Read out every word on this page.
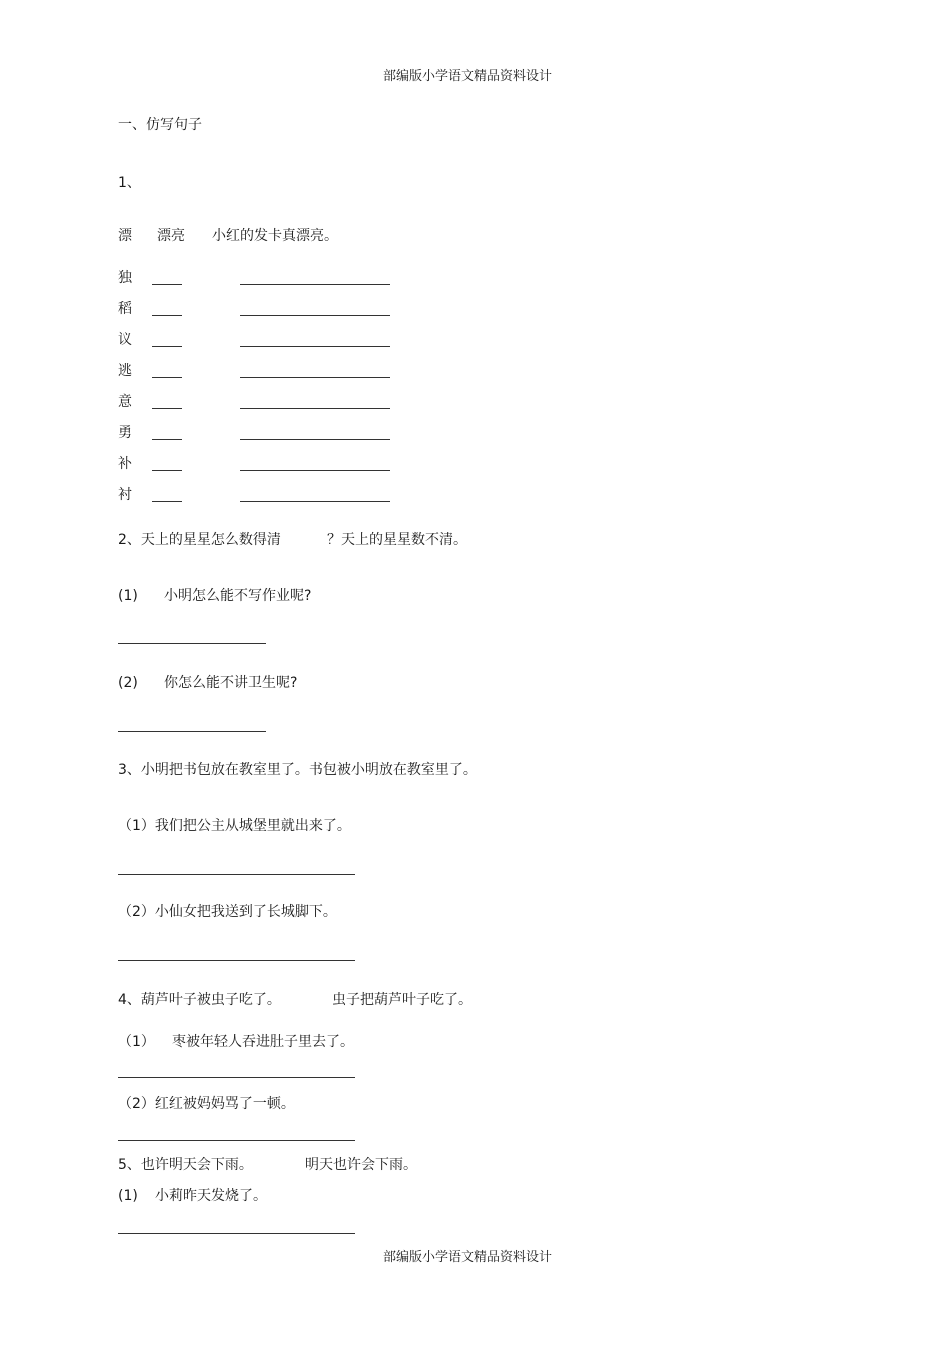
部编版小学语文精品资料设计
一、仿写句子
1、
漂 漂亮 小红的发卡真漂亮。
独
稻
议
逃
意
勇
补
衬
2、天上的星星怎么数得清	？天上的星星数不清。
(1) 小明怎么能不写作业呢?
(2) 你怎么能不讲卫生呢?
3、小明把书包放在教室里了。书包被小明放在教室里了。
（1）我们把公主从城堡里就出来了。
（2）小仙女把我送到了长城脚下。
4、葫芦叶子被虫子吃了。	虫子把葫芦叶子吃了。
（1） 枣被年轻人吞进肚子里去了。
（2）红红被妈妈骂了一顿。
5、也许明天会下雨。	明天也许会下雨。
(1) 小莉昨天发烧了。
部编版小学语文精品资料设计
